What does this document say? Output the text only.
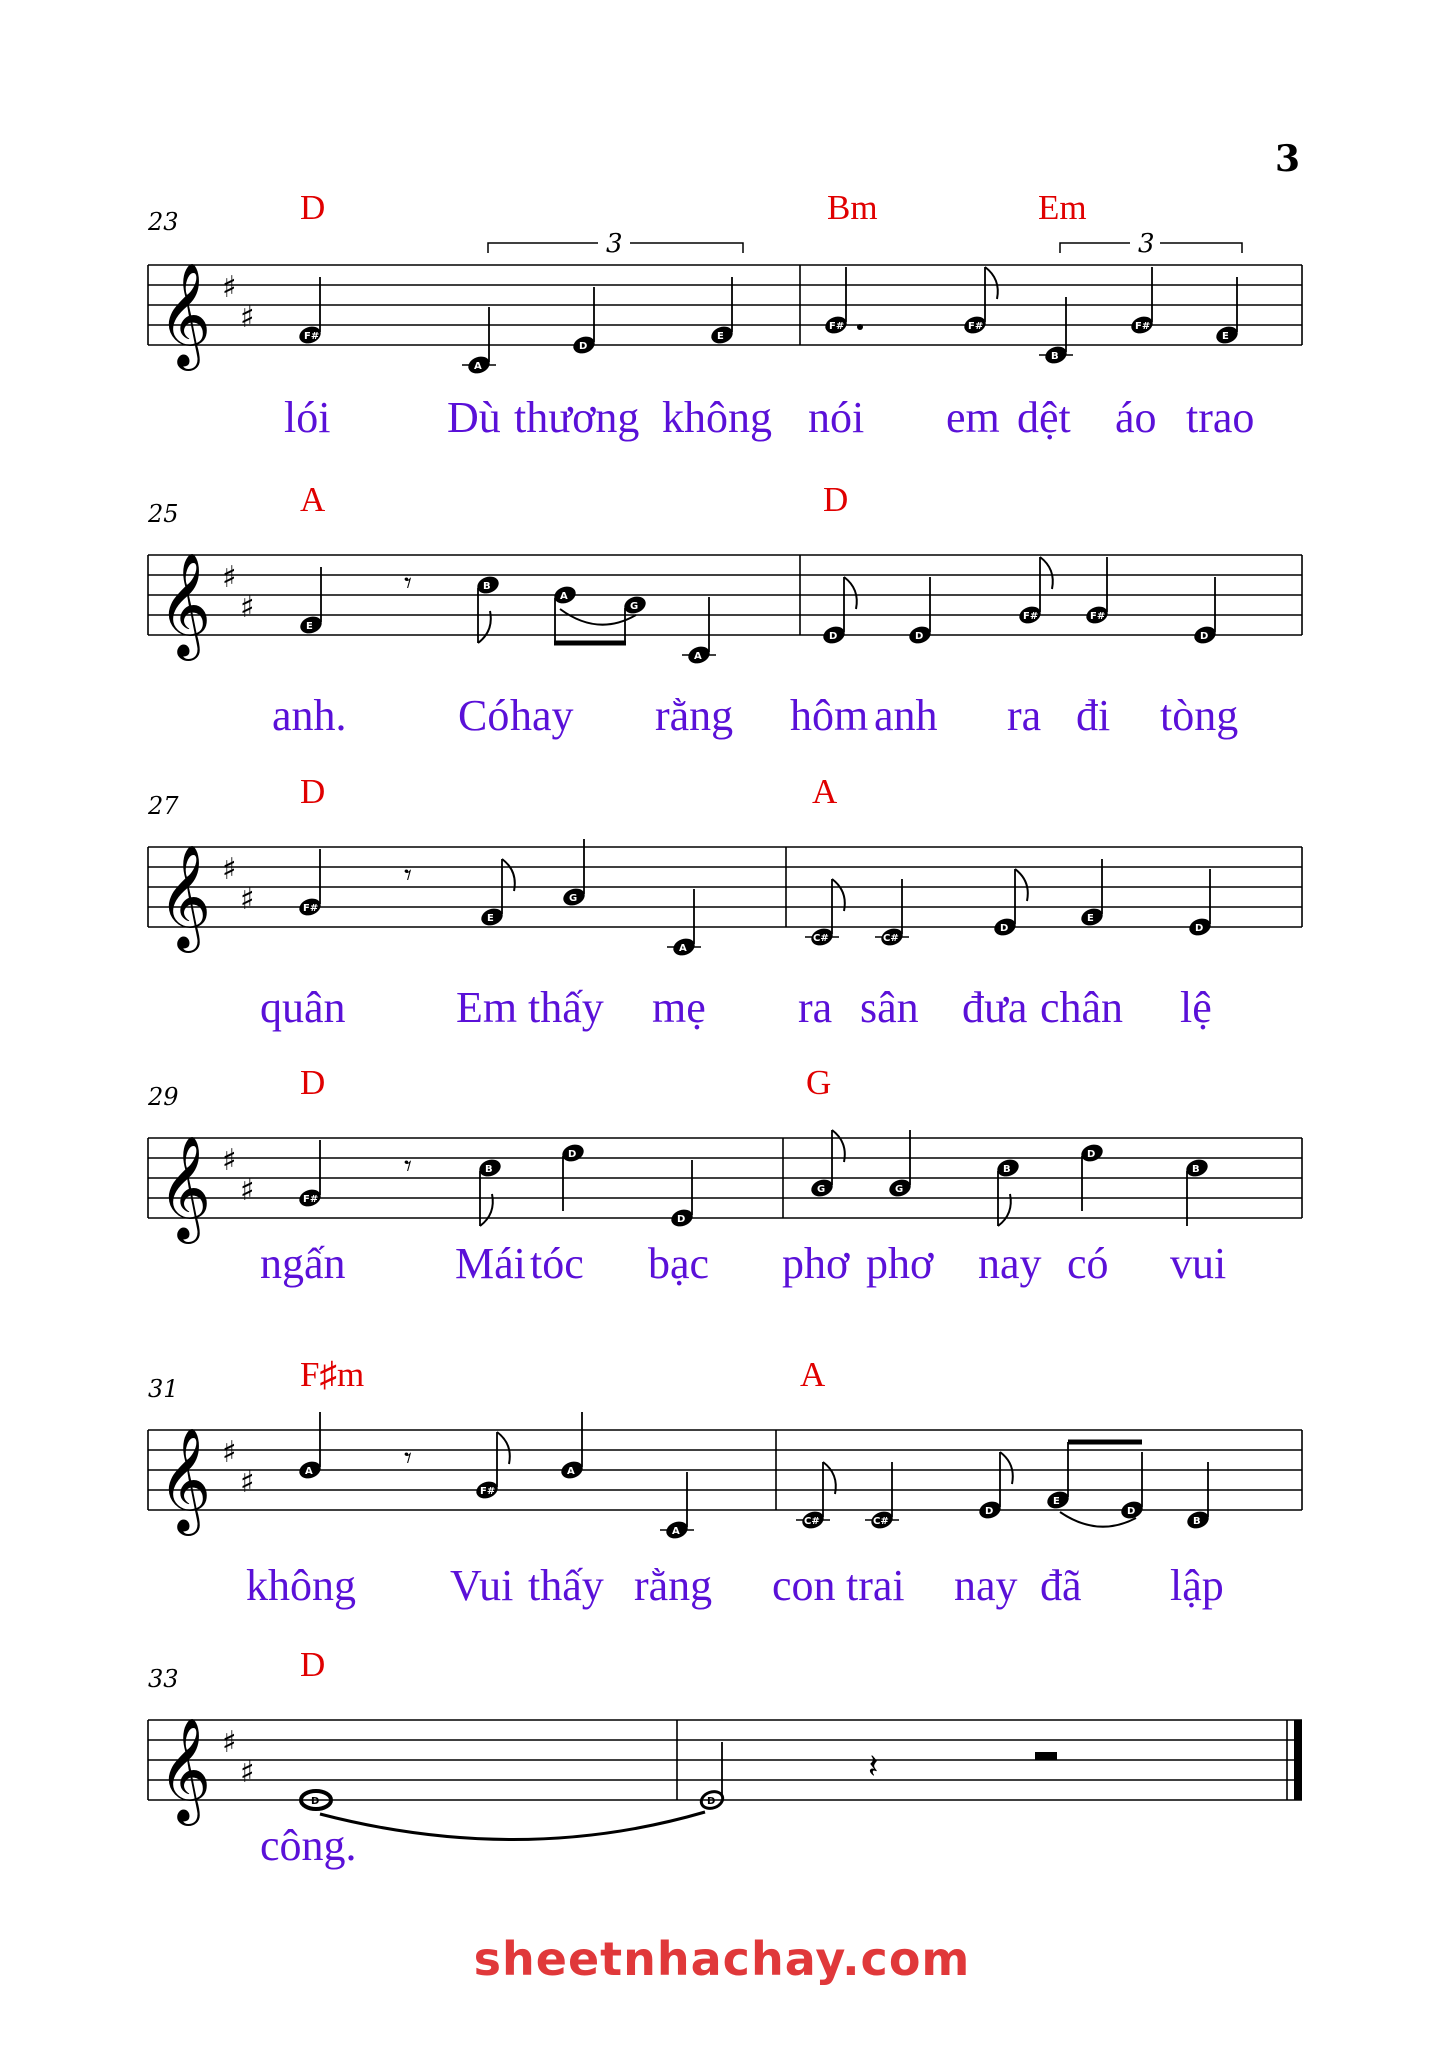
3
23	D	Bm	Em
𝄞 ♯
♯
3	3
F#
A
D
E
F#	F#
B
F#
E
lói	Dù thương không nói em dệt áo trao
25	A	D
𝄞 ♯
♯
𝄾
E
B
A
G
A
D	D
F#	F#
D
anh.	Có hay rằng hôm anh ra đi tòng
27	D	A
𝄞 ♯
♯
𝄾
F#
E
G
A
C#	C#
D
E
D
quân	Em thấy mẹ ra sân đưa chân lệ
29	D	G
𝄞 ♯
♯
𝄾
F#
B
D
D
G	G
B
D
B
ngấn Mái tóc bạc phơ phơ nay có vui
31	F♯m	A
𝄞 ♯
♯
𝄾
A
F#
A
A
C#	C#
D
E
D
B
không Vui thấy rằng con trai nay đã lập
33	D
𝄞 ♯
♯
D	D
𝄽
công.
sheetnhachay.com
